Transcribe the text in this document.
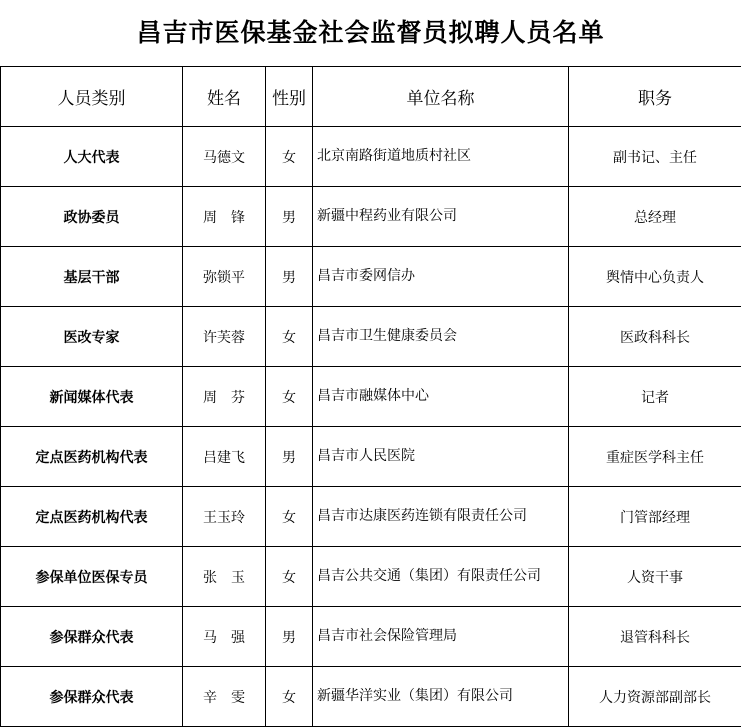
昌吉市医保基金社会监督员拟聘人员名单
人员类别	姓名	性别	单位名称	职务
人大代表	马德文	女	北京南路街道地质村社区	副书记、主任
政协委员	周　锋	男	新疆中程药业有限公司	总经理
基层干部	弥锁平	男	昌吉市委网信办	舆情中心负责人
医改专家	许芙蓉	女	昌吉市卫生健康委员会	医政科科长
新闻媒体代表	周　芬	女	昌吉市融媒体中心	记者
定点医药机构代表	吕建飞	男	昌吉市人民医院	重症医学科主任
定点医药机构代表	王玉玲	女	昌吉市达康医药连锁有限责任公司	门管部经理
参保单位医保专员	张　玉	女	昌吉公共交通（集团）有限责任公司	人资干事
参保群众代表	马　强	男	昌吉市社会保险管理局	退管科科长
参保群众代表	辛　雯	女	新疆华洋实业（集团）有限公司	人力资源部副部长
